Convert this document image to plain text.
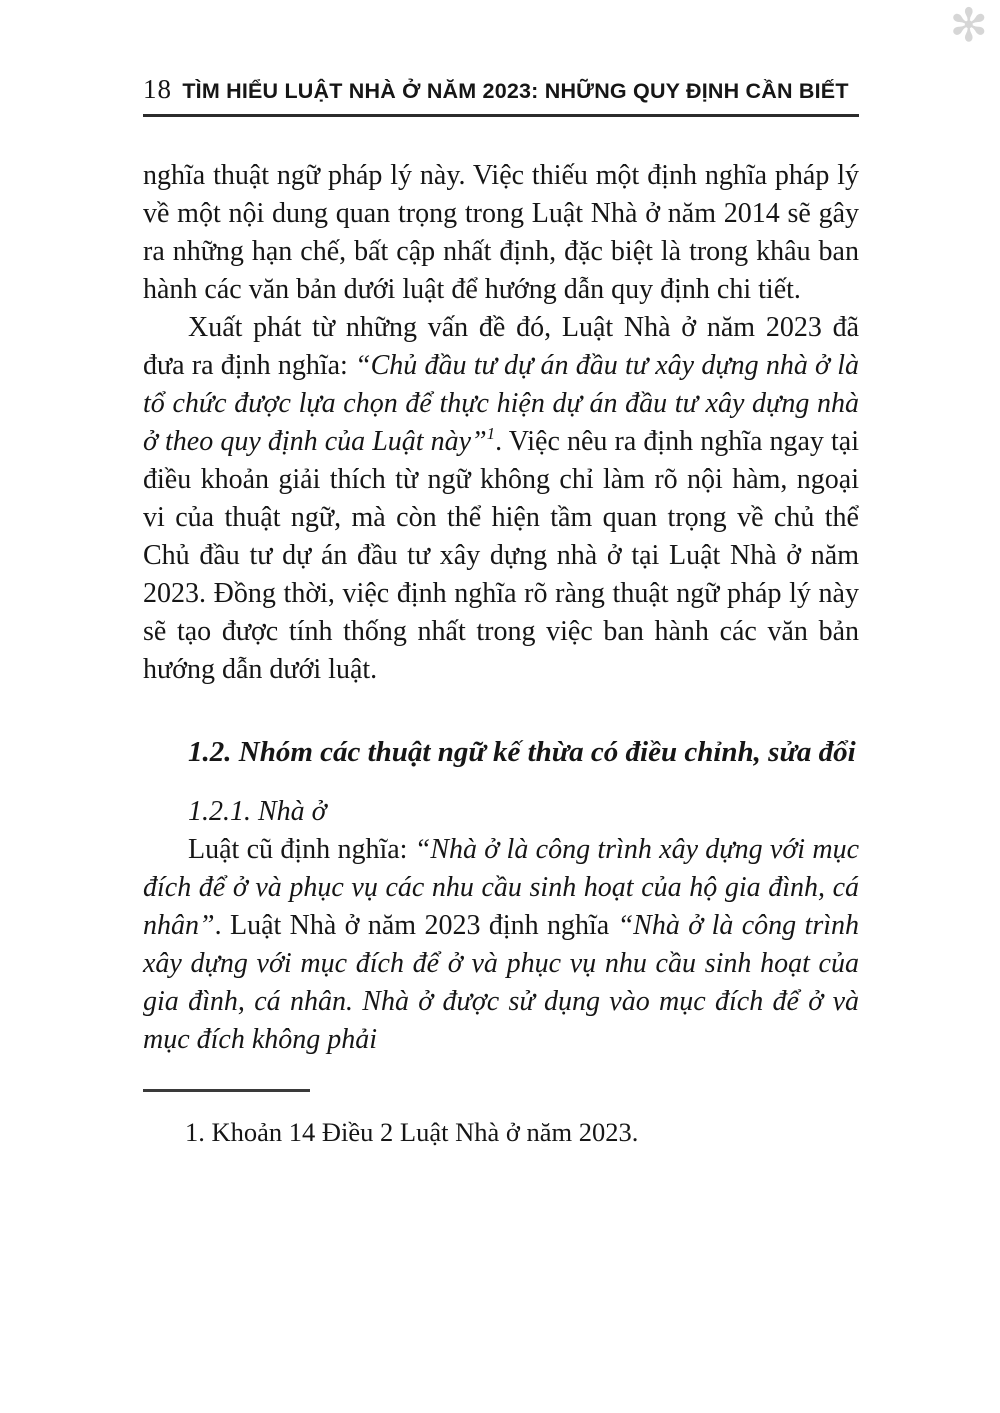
✻
18 TÌM HIỂU LUẬT NHÀ Ở NĂM 2023: NHỮNG QUY ĐỊNH CẦN BIẾT

nghĩa thuật ngữ pháp lý này. Việc thiếu một định nghĩa pháp lý về một nội dung quan trọng trong Luật Nhà ở năm 2014 sẽ gây ra những hạn chế, bất cập nhất định, đặc biệt là trong khâu ban hành các văn bản dưới luật để hướng dẫn quy định chi tiết.

Xuất phát từ những vấn đề đó, Luật Nhà ở năm 2023 đã đưa ra định nghĩa: “Chủ đầu tư dự án đầu tư xây dựng nhà ở là tổ chức được lựa chọn để thực hiện dự án đầu tư xây dựng nhà ở theo quy định của Luật này”$^1$. Việc nêu ra định nghĩa ngay tại điều khoản giải thích từ ngữ không chỉ làm rõ nội hàm, ngoại vi của thuật ngữ, mà còn thể hiện tầm quan trọng về chủ thể Chủ đầu tư dự án đầu tư xây dựng nhà ở tại Luật Nhà ở năm 2023. Đồng thời, việc định nghĩa rõ ràng thuật ngữ pháp lý này sẽ tạo được tính thống nhất trong việc ban hành các văn bản hướng dẫn dưới luật.

1.2. Nhóm các thuật ngữ kế thừa có điều chỉnh, sửa đổi

1.2.1. Nhà ở

Luật cũ định nghĩa: “Nhà ở là công trình xây dựng với mục đích để ở và phục vụ các nhu cầu sinh hoạt của hộ gia đình, cá nhân”. Luật Nhà ở năm 2023 định nghĩa “Nhà ở là công trình xây dựng với mục đích để ở và phục vụ nhu cầu sinh hoạt của gia đình, cá nhân. Nhà ở được sử dụng vào mục đích để ở và mục đích không phải

1. Khoản 14 Điều 2 Luật Nhà ở năm 2023.
